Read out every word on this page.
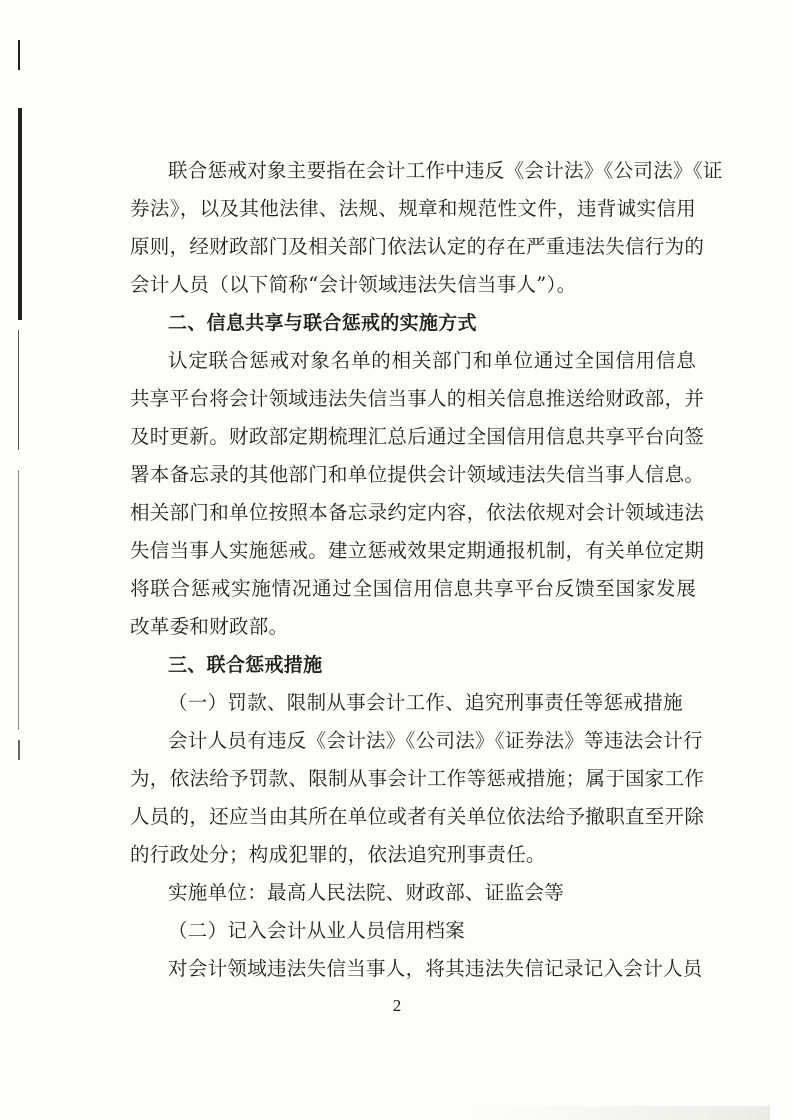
联合惩戒对象主要指在会计工作中违反《会计法》《公司法》《证
券法》，以及其他法律、法规、规章和规范性文件，违背诚实信用
原则，经财政部门及相关部门依法认定的存在严重违法失信行为的
会计人员（以下简称“会计领域违法失信当事人”）。
二、信息共享与联合惩戒的实施方式
认定联合惩戒对象名单的相关部门和单位通过全国信用信息
共享平台将会计领域违法失信当事人的相关信息推送给财政部，并
及时更新。财政部定期梳理汇总后通过全国信用信息共享平台向签
署本备忘录的其他部门和单位提供会计领域违法失信当事人信息。
相关部门和单位按照本备忘录约定内容，依法依规对会计领域违法
失信当事人实施惩戒。建立惩戒效果定期通报机制，有关单位定期
将联合惩戒实施情况通过全国信用信息共享平台反馈至国家发展
改革委和财政部。
三、联合惩戒措施
（一）罚款、限制从事会计工作、追究刑事责任等惩戒措施
会计人员有违反《会计法》《公司法》《证券法》等违法会计行
为，依法给予罚款、限制从事会计工作等惩戒措施；属于国家工作
人员的，还应当由其所在单位或者有关单位依法给予撤职直至开除
的行政处分；构成犯罪的，依法追究刑事责任。
实施单位：最高人民法院、财政部、证监会等
（二）记入会计从业人员信用档案
对会计领域违法失信当事人，将其违法失信记录记入会计人员
2
